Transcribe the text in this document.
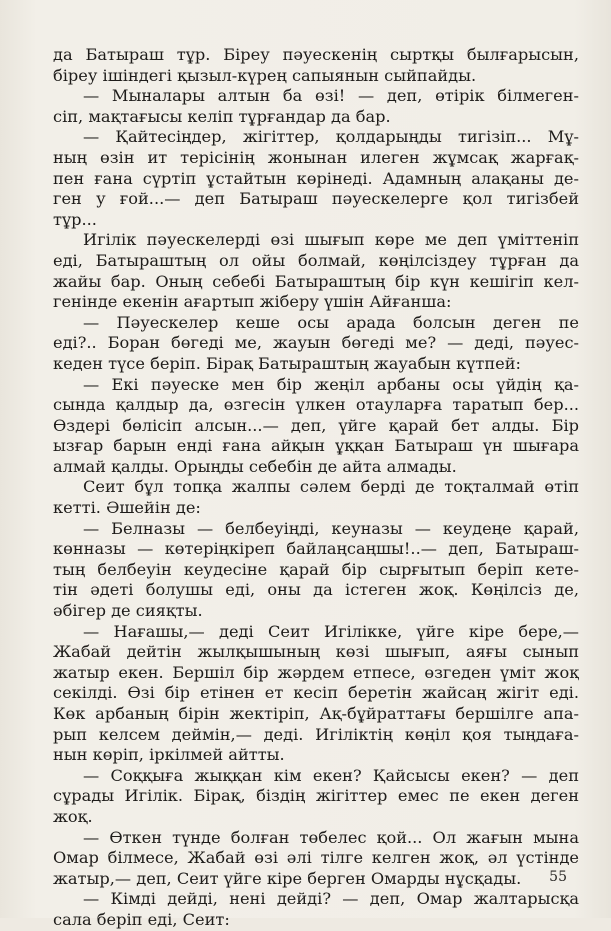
да Батыраш тұр. Біреу пәуескенің сыртқы былғарысын,
біреу ішіндегі қызыл-күрең сапыянын сыйпайды.
— Мыналары алтын ба өзі! — деп, өтірік білмеген-
сіп, мақтағысы келіп тұрғандар да бар.
— Қайтесіңдер, жігіттер, қолдарыңды тигізіп... Мұ-
ның өзін ит терісінің жонынан илеген жұмсақ жарғақ-
пен ғана сүртіп ұстайтын көрінеді. Адамның алақаны де-
ген у ғой...— деп Батыраш пәуескелерге қол тигізбей
тұр...
Игілік пәуескелерді өзі шығып көре ме деп үміттеніп
еді, Батыраштың ол ойы болмай, көңілсіздеу тұрған да
жайы бар. Оның себебі Батыраштың бір күн кешігіп кел-
генінде екенін ағартып жіберу үшін Айғанша:
— Пәуескелер кеше осы арада болсын деген пе
еді?.. Боран бөгеді ме, жауын бөгеді ме? — деді, пәуес-
кеден түсе беріп. Бірақ Батыраштың жауабын күтпей:
— Екі пәуеске мен бір жеңіл арбаны осы үйдің қа-
сында қалдыр да, өзгесін үлкен отауларға таратып бер...
Өздері бөлісіп алсын...— деп, үйге қарай бет алды. Бір
ызғар барын енді ғана айқын ұққан Батыраш үн шығара
алмай қалды. Орыңды себебін де айта алмады.
Сеит бұл топқа жалпы сәлем берді де тоқталмай өтіп
кетті. Әшейін де:
— Белназы — белбеуіңді, кеуназы — кеудеңе қарай,
көнназы — көтеріңкіреп байлаңсаңшы!..— деп, Батыраш-
тың белбеуін кеудесіне қарай бір сырғытып беріп кете-
тін әдеті болушы еді, оны да істеген жоқ. Көңілсіз де,
әбігер де сияқты.
— Нағашы,— деді Сеит Игілікке, үйге кіре бере,—
Жабай дейтін жылқышының көзі шығып, аяғы сынып
жатыр екен. Бершіл бір жәрдем етпесе, өзгеден үміт жоқ
секілді. Өзі бір етінен ет кесіп беретін жайсаң жігіт еді.
Көк арбаның бірін жектіріп, Ақ-бұйраттағы бершілге апа-
рып келсем деймін,— деді. Игіліктің көңіл қоя тыңдаға-
нын көріп, іркілмей айтты.
— Соққыға жыққан кім екен? Қайсысы екен? — деп
сұрады Игілік. Бірақ, біздің жігіттер емес пе екен деген
жоқ.
— Өткен түнде болған төбелес қой... Ол жағын мына
Омар білмесе, Жабай өзі әлі тілге келген жоқ, әл үстінде
жатыр,— деп, Сеит үйге кіре берген Омарды нұсқады.
— Кімді дейді, нені дейді? — деп, Омар жалтарысқа
сала беріп еді, Сеит:
55
